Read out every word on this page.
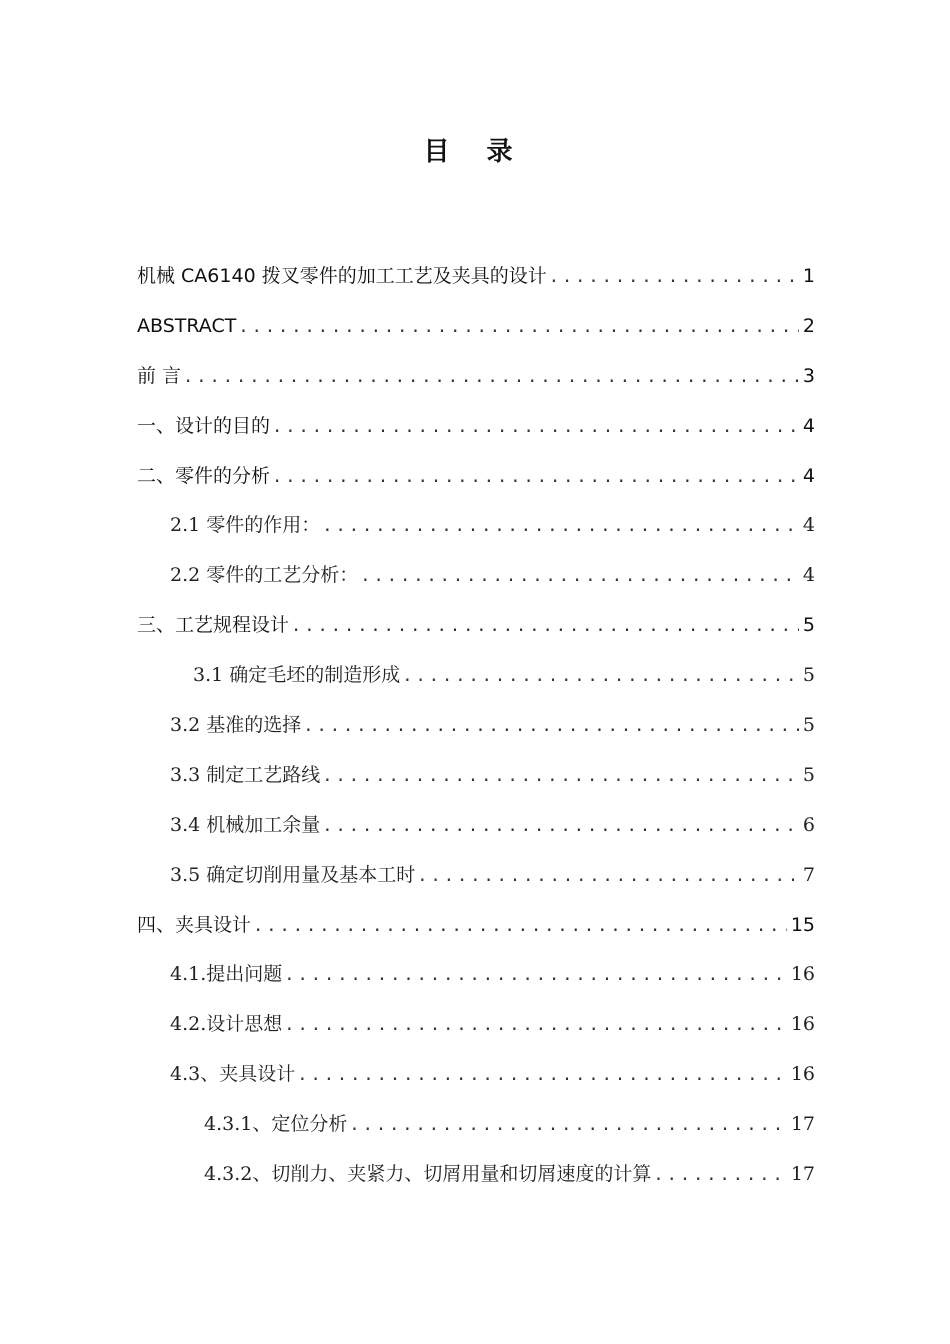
目 录
机械 CA6140 拨叉零件的加工工艺及夹具的设计 .....	1
ABSTRACT .....	2
前 言 .....	3
一、设计的目的 .....	4
二、零件的分析 .....	4
2.1 零件的作用： .....	4
2.2 零件的工艺分析： .....	4
三、工艺规程设计 .....	5
3.1 确定毛坯的制造形成 .....	5
3.2 基准的选择 .....	5
3.3 制定工艺路线 .....	5
3.4 机械加工余量 .....	6
3.5 确定切削用量及基本工时 .....	7
四、夹具设计 .....	15
4.1.提出问题 .....	16
4.2.设计思想 .....	16
4.3、夹具设计 .....	16
4.3.1、定位分析 .....	17
4.3.2、切削力、夹紧力、切屑用量和切屑速度的计算 .....	17
